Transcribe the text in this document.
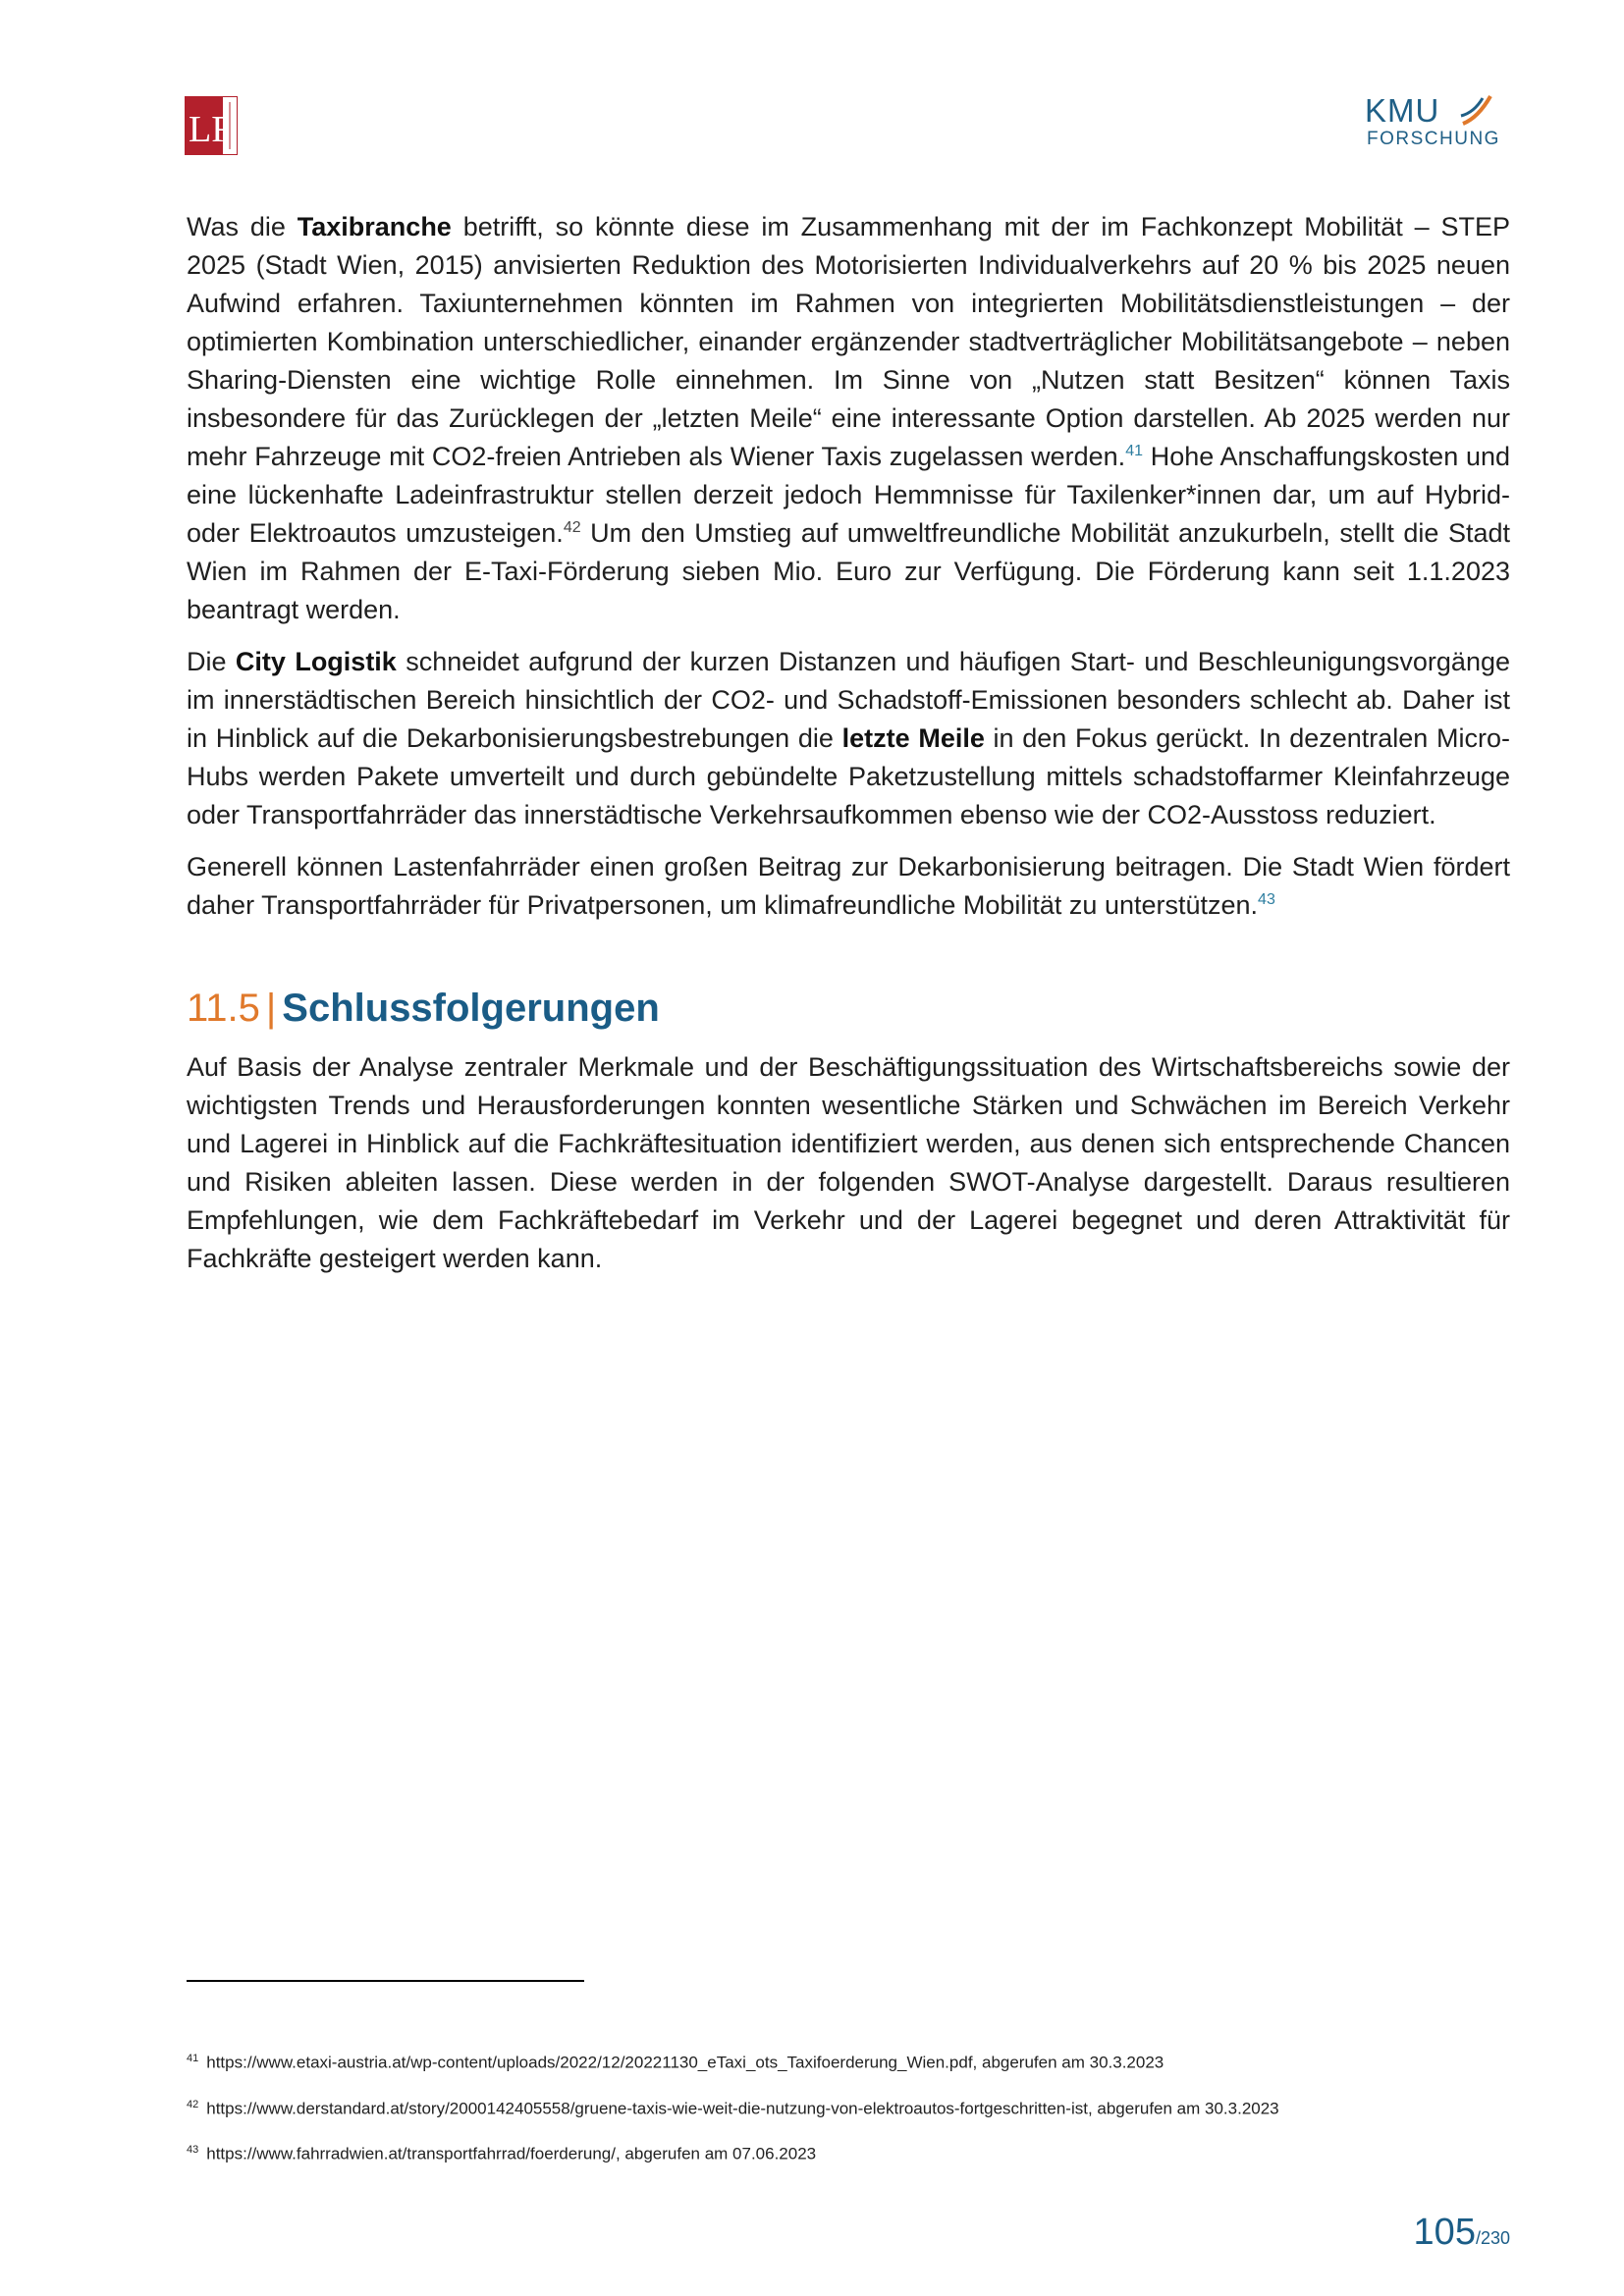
LR	KMU
FORSCHUNG

Was die Taxibranche betrifft, so könnte diese im Zusammenhang mit der im Fachkonzept Mobilität – STEP 2025 (Stadt Wien, 2015) anvisierten Reduktion des Motorisierten Individualverkehrs auf 20 % bis 2025 neuen Aufwind erfahren. Taxiunternehmen könnten im Rahmen von integrierten Mobilitätsdienstleistungen – der optimierten Kombination unterschiedlicher, einander ergänzender stadtverträglicher Mobilitätsangebote – neben Sharing-Diensten eine wichtige Rolle einnehmen. Im Sinne von „Nutzen statt Besitzen“ können Taxis insbesondere für das Zurücklegen der „letzten Meile“ eine interessante Option darstellen. Ab 2025 werden nur mehr Fahrzeuge mit CO2-freien Antrieben als Wiener Taxis zugelassen werden.$^{41}$ Hohe Anschaffungskosten und eine lückenhafte Ladeinfrastruktur stellen derzeit jedoch Hemmnisse für Taxilenker*innen dar, um auf Hybrid-oder Elektroautos umzusteigen.$^{42}$ Um den Umstieg auf umweltfreundliche Mobilität anzukurbeln, stellt die Stadt Wien im Rahmen der E-Taxi-Förderung sieben Mio. Euro zur Verfügung. Die Förderung kann seit 1.1.2023 beantragt werden.

Die City Logistik schneidet aufgrund der kurzen Distanzen und häufigen Start- und Beschleunigungsvorgänge im innerstädtischen Bereich hinsichtlich der CO2- und Schadstoff-Emissionen besonders schlecht ab. Daher ist in Hinblick auf die Dekarbonisierungsbestrebungen die letzte Meile in den Fokus gerückt. In dezentralen Micro-Hubs werden Pakete umverteilt und durch gebündelte Paketzustellung mittels schadstoffarmer Kleinfahrzeuge oder Transportfahrräder das innerstädtische Verkehrsaufkommen ebenso wie der CO2-Ausstoss reduziert.

Generell können Lastenfahrräder einen großen Beitrag zur Dekarbonisierung beitragen. Die Stadt Wien fördert daher Transportfahrräder für Privatpersonen, um klimafreundliche Mobilität zu unterstützen.$^{43}$

11.5 | Schlussfolgerungen

Auf Basis der Analyse zentraler Merkmale und der Beschäftigungssituation des Wirtschaftsbereichs sowie der wichtigsten Trends und Herausforderungen konnten wesentliche Stärken und Schwächen im Bereich Verkehr und Lagerei in Hinblick auf die Fachkräftesituation identifiziert werden, aus denen sich entsprechende Chancen und Risiken ableiten lassen. Diese werden in der folgenden SWOT-Analyse dargestellt. Daraus resultieren Empfehlungen, wie dem Fachkräftebedarf im Verkehr und der Lagerei begegnet und deren Attraktivität für Fachkräfte gesteigert werden kann.

$^{41}$ https://www.etaxi-austria.at/wp-content/uploads/2022/12/20221130_eTaxi_ots_Taxifoerderung_Wien.pdf, abgerufen am 30.3.2023
$^{42}$ https://www.derstandard.at/story/2000142405558/gruene-taxis-wie-weit-die-nutzung-von-elektroautos-fortgeschritten-ist, abgerufen am 30.3.2023
$^{43}$ https://www.fahrradwien.at/transportfahrrad/foerderung/, abgerufen am 07.06.2023
105/230
